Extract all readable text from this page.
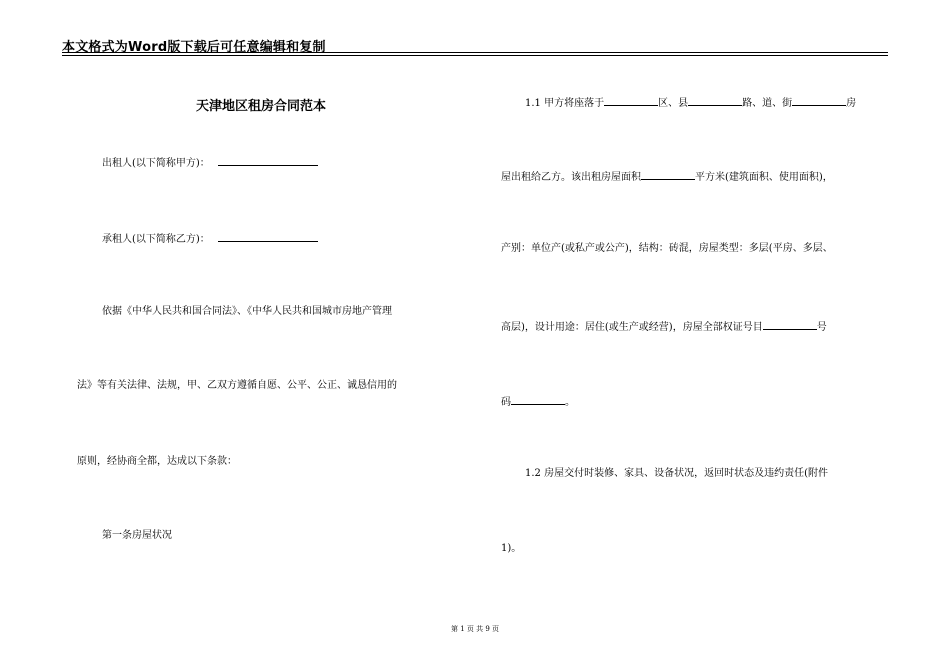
本文格式为Word版下载后可任意编辑和复制
天津地区租房合同范本
出租人(以下简称甲方)：
承租人(以下简称乙方)：
依据《中华人民共和国合同法》、《中华人民共和国城市房地产管理
法》等有关法律、法规，甲、乙双方遵循自愿、公平、公正、诚恳信用的
原则，经协商全都，达成以下条款：
第一条房屋状况
1.1 甲方将座落于	区、县	路、道、街	房
屋出租给乙方。该出租房屋面积	平方米(建筑面积、使用面积)，
产别：单位产(或私产或公产)，结构：砖混，房屋类型：多层(平房、多层、
高层)，设计用途：居住(或生产或经营)，房屋全部权证号目	号
码	。
1.2 房屋交付时装修、家具、设备状况，返回时状态及违约责任(附件
1)。
第 1 页 共 9 页
